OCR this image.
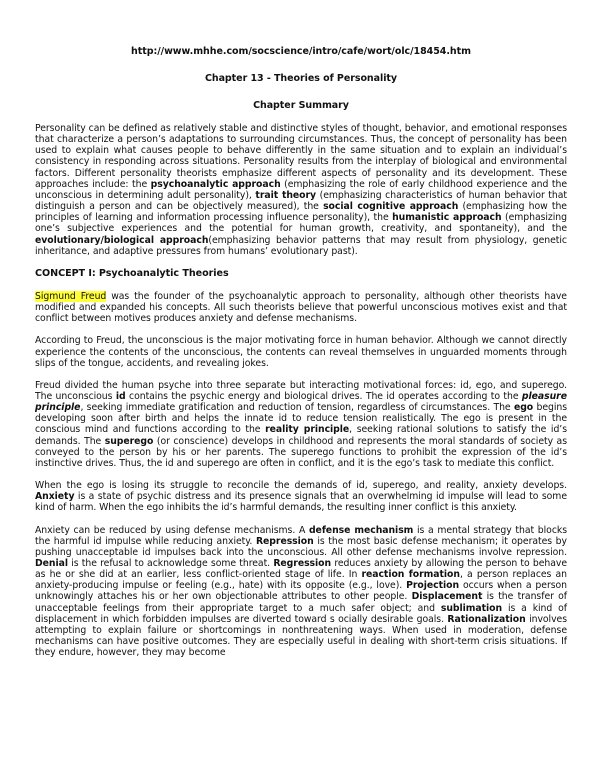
http://www.mhhe.com/socscience/intro/cafe/wort/olc/18454.htm

Chapter 13 - Theories of Personality

Chapter Summary

Personality can be defined as relatively stable and distinctive styles of thought, behavior, and emotional responses that characterize a person’s adaptations to surrounding circumstances. Thus, the concept of personality has been used to explain what causes people to behave differently in the same situation and to explain an individual’s consistency in responding across situations. Personality results from the interplay of biological and environmental factors. Different personality theorists emphasize different aspects of personality and its development. These approaches include: the psychoanalytic approach (emphasizing the role of early childhood experience and the unconscious in determining adult personality), trait theory (emphasizing characteristics of human behavior that distinguish a person and can be objectively measured), the social cognitive approach (emphasizing how the principles of learning and information processing influence personality), the humanistic approach (emphasizing one’s subjective experiences and the potential for human growth, creativity, and spontaneity), and the evolutionary/biological approach(emphasizing behavior patterns that may result from physiology, genetic inheritance, and adaptive pressures from humans’ evolutionary past).

CONCEPT I: Psychoanalytic Theories

Sigmund Freud was the founder of the psychoanalytic approach to personality, although other theorists have modified and expanded his concepts. All such theorists believe that powerful unconscious motives exist and that conflict between motives produces anxiety and defense mechanisms.

According to Freud, the unconscious is the major motivating force in human behavior. Although we cannot directly experience the contents of the unconscious, the contents can reveal themselves in unguarded moments through slips of the tongue, accidents, and revealing jokes.

Freud divided the human psyche into three separate but interacting motivational forces: id, ego, and superego. The unconscious id contains the psychic energy and biological drives. The id operates according to the pleasure principle, seeking immediate gratification and reduction of tension, regardless of circumstances. The ego begins developing soon after birth and helps the innate id to reduce tension realistically. The ego is present in the conscious mind and functions according to the reality principle, seeking rational solutions to satisfy the id’s demands. The superego (or conscience) develops in childhood and represents the moral standards of society as conveyed to the person by his or her parents. The superego functions to prohibit the expression of the id’s instinctive drives. Thus, the id and superego are often in conflict, and it is the ego’s task to mediate this conflict.

When the ego is losing its struggle to reconcile the demands of id, superego, and reality, anxiety develops. Anxiety is a state of psychic distress and its presence signals that an overwhelming id impulse will lead to some kind of harm. When the ego inhibits the id’s harmful demands, the resulting inner conflict is this anxiety.

Anxiety can be reduced by using defense mechanisms. A defense mechanism is a mental strategy that blocks the harmful id impulse while reducing anxiety. Repression is the most basic defense mechanism; it operates by pushing unacceptable id impulses back into the unconscious. All other defense mechanisms involve repression. Denial is the refusal to acknowledge some threat. Regression reduces anxiety by allowing the person to behave as he or she did at an earlier, less conflict-oriented stage of life. In reaction formation, a person replaces an anxiety-producing impulse or feeling (e.g., hate) with its opposite (e.g., love). Projection occurs when a person unknowingly attaches his or her own objectionable attributes to other people. Displacement is the transfer of unacceptable feelings from their appropriate target to a much safer object; and sublimation is a kind of displacement in which forbidden impulses are diverted toward s ocially desirable goals. Rationalization involves attempting to explain failure or shortcomings in nonthreatening ways. When used in moderation, defense mechanisms can have positive outcomes. They are especially useful in dealing with short-term crisis situations. If they endure, however, they may become
